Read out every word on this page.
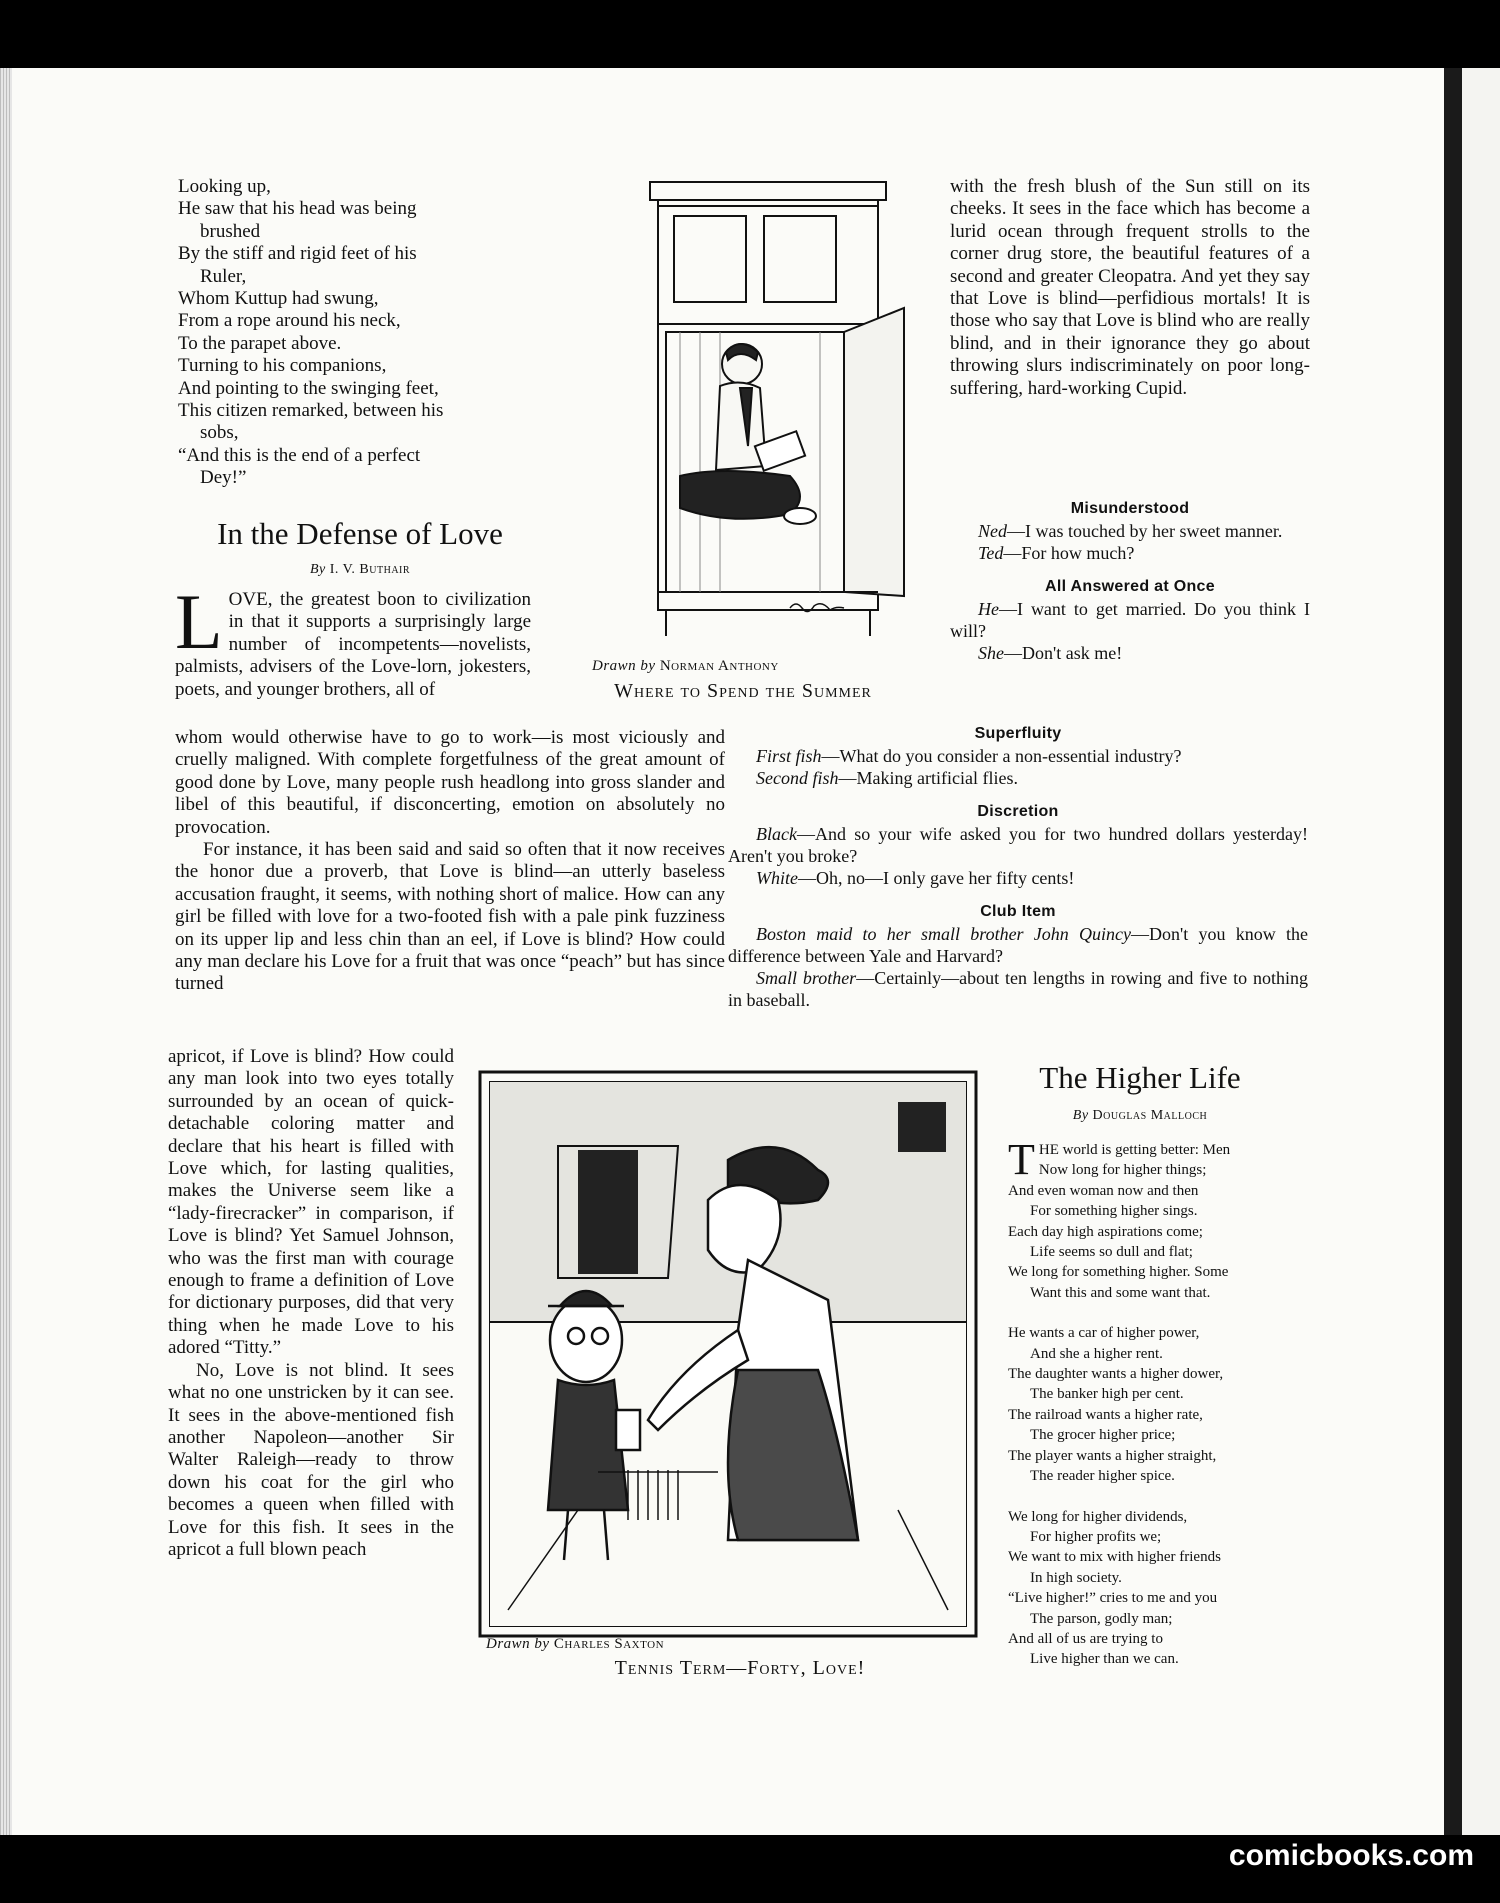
Looking up,

He saw that his head was being

brushed

By the stiff and rigid feet of his

Ruler,

Whom Kuttup had swung,

From a rope around his neck,

To the parapet above.

Turning to his companions,

And pointing to the swinging feet,

This citizen remarked, between his

sobs,

“And this is the end of a perfect

Dey!”

In the Defense of Love
By I. V. Buthair

LOVE, the greatest boon to civilization in that it supports a surprisingly large number of incompetents—novelists, palmists, advisers of the Love-lorn, jokesters, poets, and younger brothers, all of

whom would otherwise have to go to work—is most viciously and cruelly maligned. With complete forgetfulness of the great amount of good done by Love, many people rush headlong into gross slander and libel of this beautiful, if disconcerting, emotion on absolutely no provocation.

For instance, it has been said and said so often that it now receives the honor due a proverb, that Love is blind—an utterly baseless accusation fraught, it seems, with nothing short of malice. How can any girl be filled with love for a two-footed fish with a pale pink fuzziness on its upper lip and less chin than an eel, if Love is blind? How could any man declare his Love for a fruit that was once “peach” but has since turned

apricot, if Love is blind? How could any man look into two eyes totally surrounded by an ocean of quick-detachable coloring matter and declare that his heart is filled with Love which, for lasting qualities, makes the Universe seem like a “lady-firecracker” in comparison, if Love is blind? Yet Samuel Johnson, who was the first man with courage enough to frame a definition of Love for dictionary purposes, did that very thing when he made Love to his adored “Titty.”

No, Love is not blind. It sees what no one unstricken by it can see. It sees in the above-mentioned fish another Napoleon—another Sir Walter Raleigh—ready to throw down his coat for the girl who becomes a queen when filled with Love for this fish. It sees in the apricot a full blown peach

with the fresh blush of the Sun still on its cheeks. It sees in the face which has become a lurid ocean through frequent strolls to the corner drug store, the beautiful features of a second and greater Cleopatra. And yet they say that Love is blind—perfidious mortals! It is those who say that Love is blind who are really blind, and in their ignorance they go about throwing slurs indiscriminately on poor long-suffering, hard-working Cupid.

Drawn by Norman Anthony
Where to Spend the Summer
Misunderstood

Ned—I was touched by her sweet manner.

Ted—For how much?

All Answered at Once

He—I want to get married. Do you think I will?

She—Don't ask me!

Superfluity

First fish—What do you consider a non-essential industry?

Second fish—Making artificial flies.

Discretion

Black—And so your wife asked you for two hundred dollars yesterday! Aren't you broke?

White—Oh, no—I only gave her fifty cents!

Club Item

Boston maid to her small brother John Quincy—Don't you know the difference between Yale and Harvard?

Small brother—Certainly—about ten lengths in rowing and five to nothing in baseball.

Drawn by Charles Saxton
Tennis Term—Forty, Love!
The Higher Life
By Douglas Malloch

THE world is getting better: Men

Now long for higher things;

And even woman now and then

For something higher sings.

Each day high aspirations come;

Life seems so dull and flat;

We long for something higher. Some

Want this and some want that.

He wants a car of higher power,

And she a higher rent.

The daughter wants a higher dower,

The banker high per cent.

The railroad wants a higher rate,

The grocer higher price;

The player wants a higher straight,

The reader higher spice.

We long for higher dividends,

For higher profits we;

We want to mix with higher friends

In high society.

“Live higher!” cries to me and you

The parson, godly man;

And all of us are trying to

Live higher than we can.

comicbooks.com
